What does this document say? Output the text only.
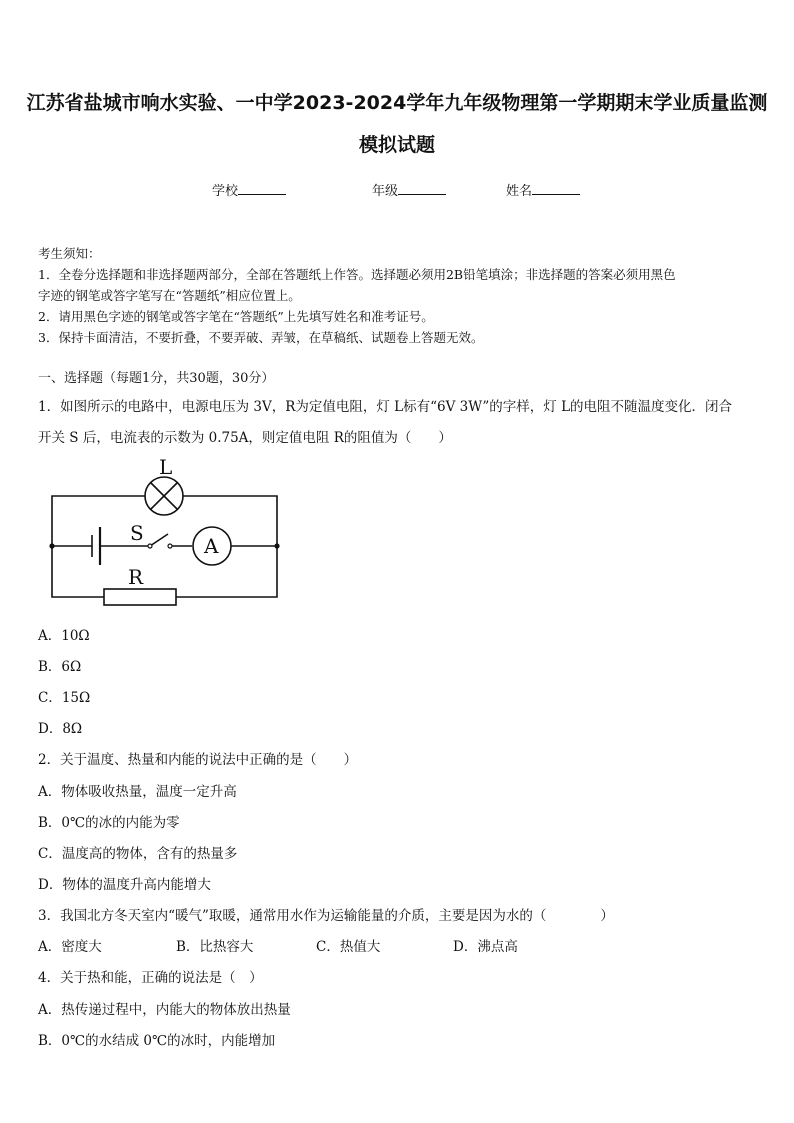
江苏省盐城市响水实验、一中学2023-2024学年九年级物理第一学期期末学业质量监测
模拟试题
学校	年级	姓名
考生须知：
1．全卷分选择题和非选择题两部分，全部在答题纸上作答。选择题必须用2B铅笔填涂；非选择题的答案必须用黑色
字迹的钢笔或答字笔写在“答题纸”相应位置上。
2．请用黑色字迹的钢笔或答字笔在“答题纸”上先填写姓名和准考证号。
3．保持卡面清洁，不要折叠，不要弄破、弄皱，在草稿纸、试题卷上答题无效。
一、选择题（每题1分，共30题，30分）
1．如图所示的电路中，电源电压为 3V，R为定值电阻，灯 L标有“6V 3W”的字样，灯 L的电阻不随温度变化．闭合
开关 S 后，电流表的示数为 0.75A，则定值电阻 R的阻值为（　　）
L
S
A
R
A．10Ω
B．6Ω
C．15Ω
D．8Ω
2．关于温度、热量和内能的说法中正确的是（　　）
A．物体吸收热量，温度一定升高
B．0℃的冰的内能为零
C．温度高的物体，含有的热量多
D．物体的温度升高内能增大
3．我国北方冬天室内“暖气”取暖，通常用水作为运输能量的介质，主要是因为水的（　　　　）
A．密度大	B．比热容大	C．热值大	D．沸点高
4．关于热和能，正确的说法是（　）
A．热传递过程中，内能大的物体放出热量
B．0℃的水结成 0℃的冰时，内能增加
